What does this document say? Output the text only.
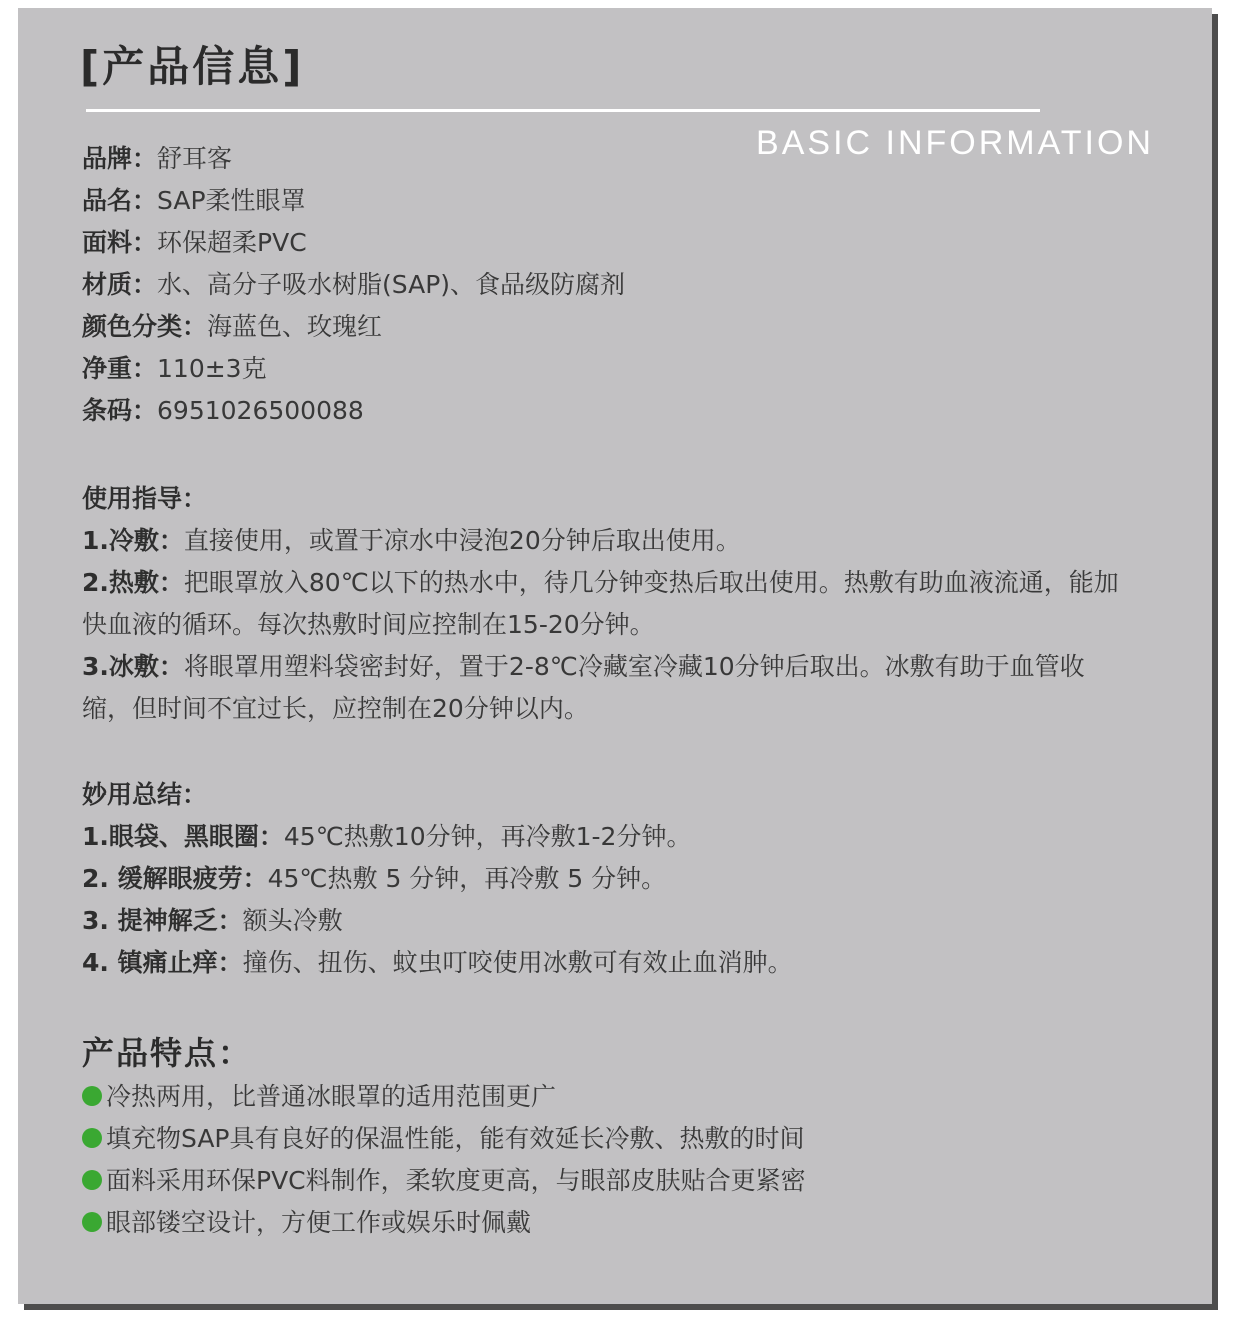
[产品信息]
BASIC INFORMATION
品牌：舒耳客
品名：SAP柔性眼罩
面料：环保超柔PVC
材质：水、高分子吸水树脂(SAP)、食品级防腐剂
颜色分类：海蓝色、玫瑰红
净重：110±3克
条码：6951026500088
使用指导：
1.冷敷：直接使用，或置于凉水中浸泡20分钟后取出使用。
2.热敷：把眼罩放入80℃以下的热水中，待几分钟变热后取出使用。热敷有助血液流通，能加快血液的循环。每次热敷时间应控制在15-20分钟。
3.冰敷：将眼罩用塑料袋密封好，置于2-8℃冷藏室冷藏10分钟后取出。冰敷有助于血管收缩，但时间不宜过长，应控制在20分钟以内。
妙用总结：
1.眼袋、黑眼圈：45℃热敷10分钟，再冷敷1-2分钟。
2. 缓解眼疲劳：45℃热敷 5 分钟，再冷敷 5 分钟。
3. 提神解乏：额头冷敷
4. 镇痛止痒：撞伤、扭伤、蚊虫叮咬使用冰敷可有效止血消肿。
产品特点：
冷热两用，比普通冰眼罩的适用范围更广
填充物SAP具有良好的保温性能，能有效延长冷敷、热敷的时间
面料采用环保PVC料制作，柔软度更高，与眼部皮肤贴合更紧密
眼部镂空设计，方便工作或娱乐时佩戴
